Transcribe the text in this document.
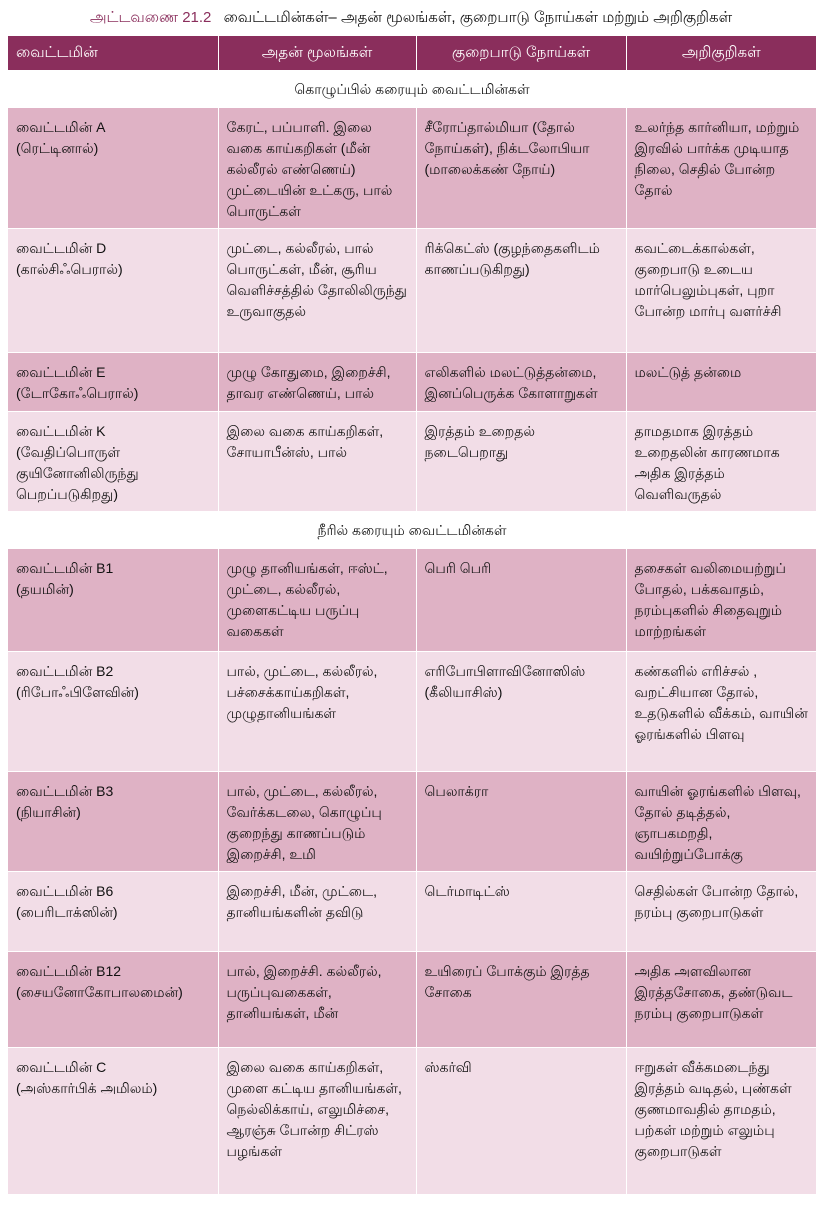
அட்டவணை 21.2 வைட்டமின்கள்– அதன் மூலங்கள், குறைபாடு நோய்கள் மற்றும் அறிகுறிகள்
வைட்டமின்	அதன் மூலங்கள்	குறைபாடு நோய்கள்	அறிகுறிகள்
கொழுப்பில் கரையும் வைட்டமின்கள்			

வைட்டமின் A
(ரெட்டினால்)	கேரட், பப்பாளி. இலை வகை காய்கறிகள் (மீன் கல்லீரல் எண்ணெய்) முட்டையின் உட்கரு, பால் பொருட்கள்	சீரோப்தால்மியா (தோல் நோய்கள்), நிக்டலோபியா (மாலைக்கண் நோய்)	உலர்ந்த கார்னியா, மற்றும் இரவில் பார்க்க முடியாத நிலை, செதில் போன்ற தோல்

வைட்டமின் D
(கால்சிஃபெரால்)	முட்டை, கல்லீரல், பால் பொருட்கள், மீன், சூரிய வெளிச்சத்தில் தோலிலிருந்து உருவாகுதல்	ரிக்கெட்ஸ் (குழந்தைகளிடம் காணப்படுகிறது)	கவட்டைக்கால்கள், குறைபாடு உடைய மார்பெலும்புகள், புறா போன்ற மார்பு வளர்ச்சி

வைட்டமின் E
(டோகோஃபெரால்)	முழு கோதுமை, இறைச்சி, தாவர எண்ணெய், பால்	எலிகளில் மலட்டுத்தன்மை, இனப்பெருக்க கோளாறுகள்	மலட்டுத் தன்மை

வைட்டமின் K
(வேதிப்பொருள் குயினோனிலிருந்து பெறப்படுகிறது)	இலை வகை காய்கறிகள், சோயாபீன்ஸ், பால்	இரத்தம் உறைதல் நடைபெறாது	தாமதமாக இரத்தம் உறைதலின் காரணமாக அதிக இரத்தம் வெளிவருதல்
நீரில் கரையும் வைட்டமின்கள்			

வைட்டமின் B1
(தயமின்)	முழு தானியங்கள், ஈஸ்ட், முட்டை, கல்லீரல், முளைகட்டிய பருப்பு வகைகள்	பெரி பெரி	தசைகள் வலிமையற்றுப் போதல், பக்கவாதம், நரம்புகளில் சிதைவுறும் மாற்றங்கள்

வைட்டமின் B2
(ரிபோஃபிளேவின்)	பால், முட்டை, கல்லீரல், பச்சைக்காய்கறிகள், முழுதானியங்கள்	எரிபோபிளாவினோஸிஸ் (கீலியாசிஸ்)	கண்களில் எரிச்சல் , வறட்சியான தோல், உதடுகளில் வீக்கம், வாயின் ஓரங்களில் பிளவு

வைட்டமின் B3
(நியாசின்)	பால், முட்டை, கல்லீரல், வேர்க்கடலை, கொழுப்பு குறைந்து காணப்படும் இறைச்சி, உமி	பெலாக்ரா	வாயின் ஓரங்களில் பிளவு, தோல் தடித்தல், ஞாபகமறதி, வயிற்றுப்போக்கு

வைட்டமின் B6
(பைரிடாக்ஸின்)	இறைச்சி, மீன், முட்டை, தானியங்களின் தவிடு	டெர்மாடிட்ஸ்	செதில்கள் போன்ற தோல், நரம்பு குறைபாடுகள்

வைட்டமின் B12
(சையனோகோபாலமைன்)	பால், இறைச்சி. கல்லீரல், பருப்புவகைகள், தானியங்கள், மீன்	உயிரைப் போக்கும் இரத்த சோகை	அதிக அளவிலான இரத்தசோகை, தண்டுவட நரம்பு குறைபாடுகள்

வைட்டமின் C
(அஸ்கார்பிக் அமிலம்)	இலை வகை காய்கறிகள், முளை கட்டிய தானியங்கள், நெல்லிக்காய், எலுமிச்சை, ஆரஞ்சு போன்ற சிட்ரஸ் பழங்கள்	ஸ்கர்வி	ஈறுகள் வீக்கமடைந்து இரத்தம் வடிதல், புண்கள் குணமாவதில் தாமதம், பற்கள் மற்றும் எலும்பு குறைபாடுகள்
